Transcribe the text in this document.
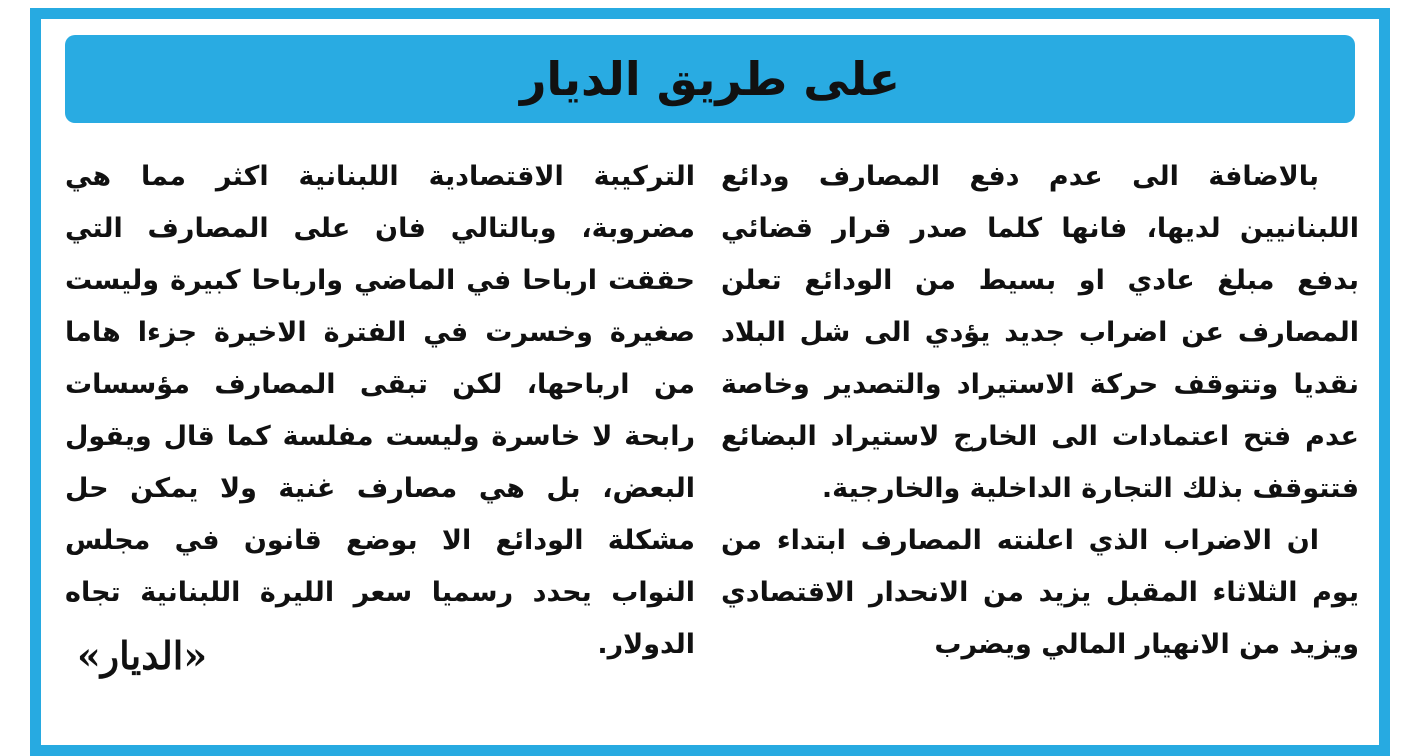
على طريق الديار

بالاضافة الى عدم دفع المصارف ودائع اللبنانيين لديها، فانها كلما صدر قرار قضائي بدفع مبلغ عادي او بسيط من الودائع تعلن المصارف عن اضراب جديد يؤدي الى شل البلاد نقديا وتتوقف حركة الاستيراد والتصدير وخاصة عدم فتح اعتمادات الى الخارج لاستيراد البضائع فتتوقف بذلك التجارة الداخلية والخارجية.

ان الاضراب الذي اعلنته المصارف ابتداء من يوم الثلاثاء المقبل يزيد من الانحدار الاقتصادي ويزيد من الانهيار المالي ويضرب

التركيبة الاقتصادية اللبنانية اكثر مما هي مضروبة، وبالتالي فان على المصارف التي حققت ارباحا في الماضي وارباحا كبيرة وليست صغيرة وخسرت في الفترة الاخيرة جزءا هاما من ارباحها، لكن تبقى المصارف مؤسسات رابحة لا خاسرة وليست مفلسة كما قال ويقول البعض، بل هي مصارف غنية ولا يمكن حل مشكلة الودائع الا بوضع قانون في مجلس النواب يحدد رسميا سعر الليرة اللبنانية تجاه الدولار.

«الديار»
